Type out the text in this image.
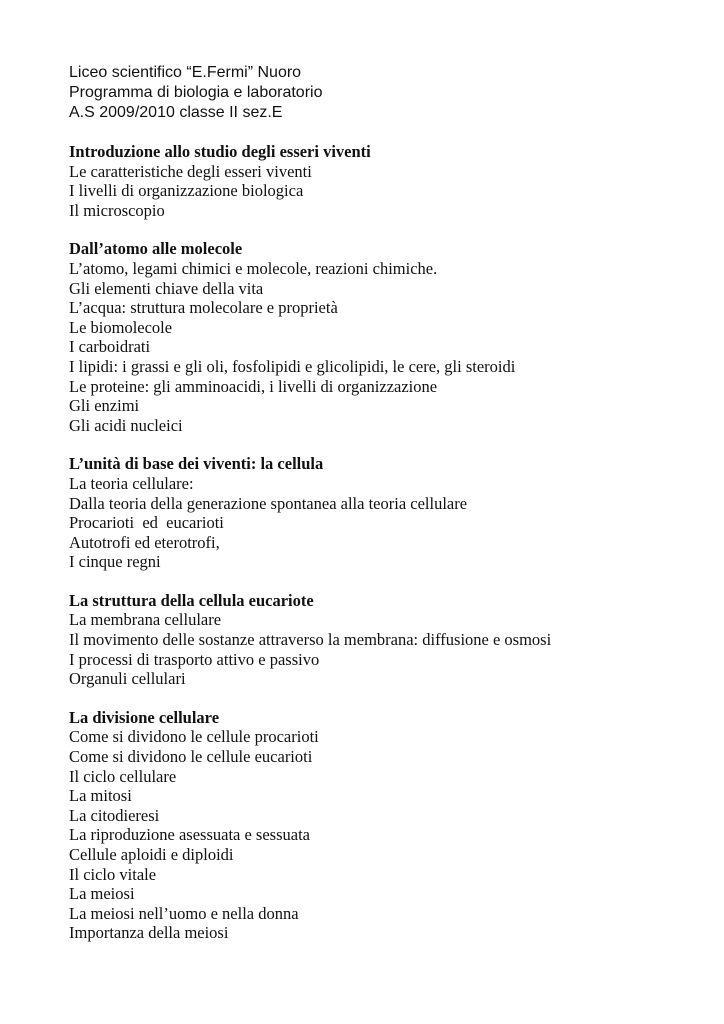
Liceo scientifico “E.Fermi” Nuoro
Programma di biologia e laboratorio
A.S 2009/2010 classe II sez.E
Introduzione allo studio degli esseri viventi
Le caratteristiche degli esseri viventi
I livelli di organizzazione biologica
Il microscopio
Dall’atomo alle molecole
L’atomo, legami chimici e molecole, reazioni chimiche.
Gli elementi chiave della vita
L’acqua: struttura molecolare e proprietà
Le biomolecole
I carboidrati
I lipidi: i grassi e gli oli, fosfolipidi e glicolipidi, le cere, gli steroidi
Le proteine: gli amminoacidi, i livelli di organizzazione
Gli enzimi
Gli acidi nucleici
L’unità di base dei viventi: la cellula
La teoria cellulare:
Dalla teoria della generazione spontanea alla teoria cellulare
Procarioti  ed  eucarioti
Autotrofi ed eterotrofi,
I cinque regni
La struttura della cellula eucariote
La membrana cellulare
Il movimento delle sostanze attraverso la membrana: diffusione e osmosi
I processi di trasporto attivo e passivo
Organuli cellulari
La divisione cellulare
Come si dividono le cellule procarioti
Come si dividono le cellule eucarioti
Il ciclo cellulare
La mitosi
La citodieresi
La riproduzione asessuata e sessuata
Cellule aploidi e diploidi
Il ciclo vitale
La meiosi
La meiosi nell’uomo e nella donna
Importanza della meiosi
